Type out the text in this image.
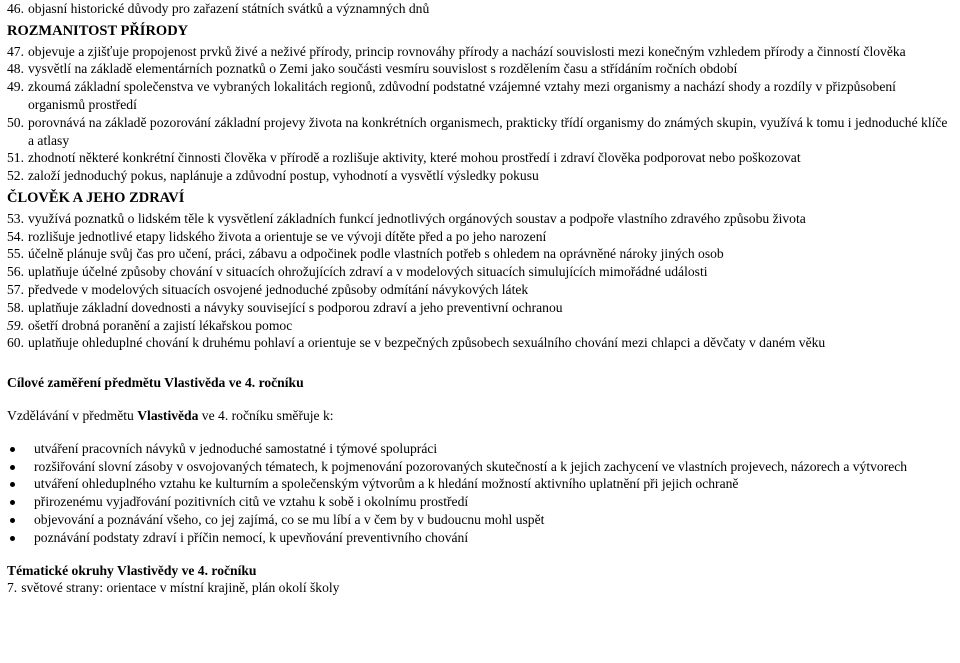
46. objasní historické důvody pro zařazení státních svátků a významných dnů
ROZMANITOST PŘÍRODY
47. objevuje a zjišťuje propojenost prvků živé a neživé přírody, princip rovnováhy přírody a nachází souvislosti mezi konečným vzhledem přírody a činností člověka
48. vysvětlí na základě elementárních poznatků o Zemi jako součásti vesmíru souvislost s rozdělením času a střídáním ročních období
49. zkoumá základní společenstva ve vybraných lokalitách regionů, zdůvodní podstatné vzájemné vztahy mezi organismy a nachází shody a rozdíly v přizpůsobení organismů prostředí
50. porovnává na základě pozorování základní projevy života na konkrétních organismech, prakticky třídí organismy do známých skupin, využívá k tomu i jednoduché klíče a atlasy
51. zhodnotí některé konkrétní činnosti člověka v přírodě a rozlišuje aktivity, které mohou prostředí i zdraví člověka podporovat nebo poškozovat
52. založí jednoduchý pokus, naplánuje a zdůvodní postup, vyhodnotí a vysvětlí výsledky pokusu
ČLOVĚK A JEHO ZDRAVÍ
53. využívá poznatků o lidském těle k vysvětlení základních funkcí jednotlivých orgánových soustav a podpoře vlastního zdravého způsobu života
54. rozlišuje jednotlivé etapy lidského života a orientuje se ve vývoji dítěte před a po jeho narození
55. účelně plánuje svůj čas pro učení, práci, zábavu a odpočinek podle vlastních potřeb s ohledem na oprávněné nároky jiných osob
56. uplatňuje účelné způsoby chování v situacích ohrožujících zdraví a v modelových situacích simulujících mimořádné události
57. předvede v modelových situacích osvojené jednoduché způsoby odmítání návykových látek
58. uplatňuje základní dovednosti a návyky související s podporou zdraví a jeho preventivní ochranou
59. ošetří drobná poranění a zajistí lékařskou pomoc
60. uplatňuje ohleduplné chování k druhému pohlaví a orientuje se v bezpečných způsobech sexuálního chování mezi chlapci a děvčaty v daném věku

Cílové zaměření předmětu Vlastivěda ve 4. ročníku

Vzdělávání v předmětu Vlastivěda ve 4. ročníku směřuje k:

utváření pracovních návyků v jednoduché samostatné i týmové spolupráci
rozšiřování slovní zásoby v osvojovaných tématech, k pojmenování pozorovaných skutečností a k jejich zachycení ve vlastních projevech, názorech a výtvorech
utváření ohleduplného vztahu ke kulturním a společenským výtvorům a k hledání možností aktivního uplatnění při jejich ochraně
přirozenému vyjadřování pozitivních citů ve vztahu k sobě i okolnímu prostředí
objevování a poznávání všeho, co jej zajímá, co se mu líbí a v čem by v budoucnu mohl uspět
poznávání podstaty zdraví i příčin nemocí, k upevňování preventivního chování

Tématické okruhy Vlastivědy ve 4. ročníku

7. světové strany: orientace v místní krajině, plán okolí školy
